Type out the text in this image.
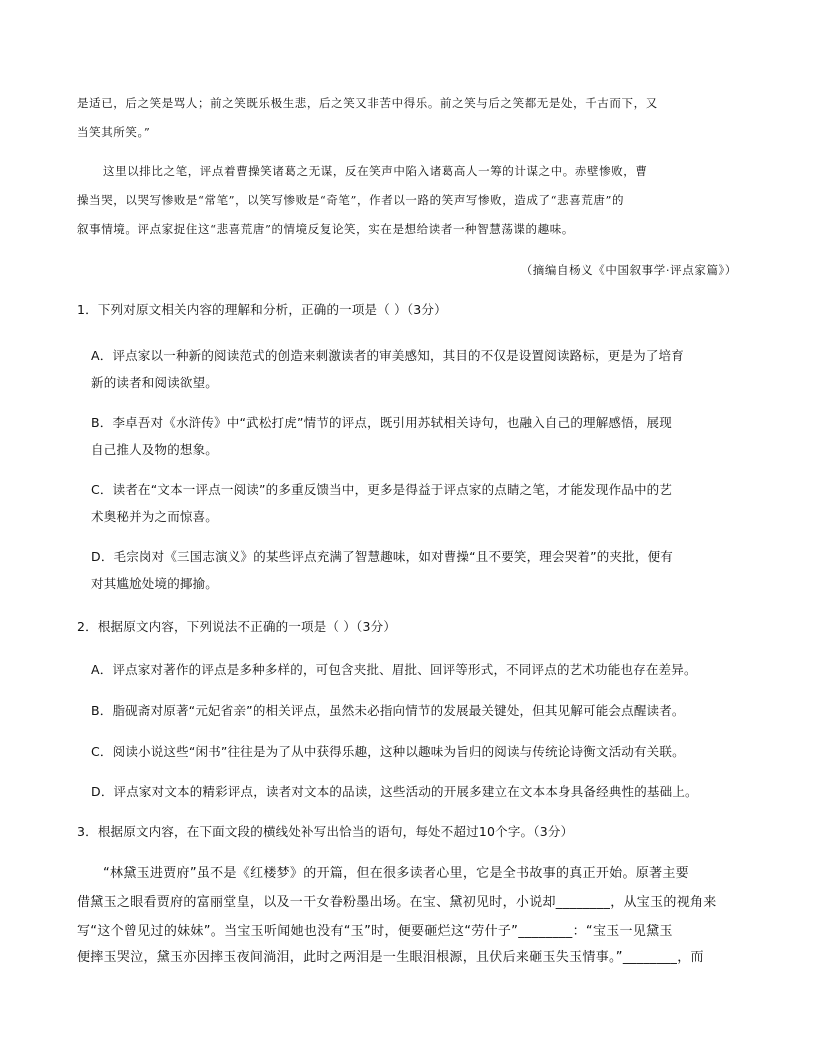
是适已，后之笑是骂人；前之笑既乐极生悲，后之笑又非苦中得乐。前之笑与后之笑都无是处，千古而下，又
当笑其所笑。”
这里以排比之笔，评点着曹操笑诸葛之无谋，反在笑声中陷入诸葛高人一筹的计谋之中。赤壁惨败，曹
操当哭，以哭写惨败是“常笔”，以笑写惨败是“奇笔”，作者以一路的笑声写惨败，造成了“悲喜荒唐”的
叙事情境。评点家捉住这“悲喜荒唐”的情境反复论笑，实在是想给读者一种智慧荡谍的趣味。
（摘编自杨义《中国叙事学·评点家篇》）
1．下列对原文相关内容的理解和分析，正确的一项是（ ）（3分）
A．评点家以一种新的阅读范式的创造来刺激读者的审美感知，其目的不仅是设置阅读路标，更是为了培育
新的读者和阅读欲望。
B．李卓吾对《水浒传》中“武松打虎”情节的评点，既引用苏轼相关诗句，也融入自己的理解感悟，展现
自己推人及物的想象。
C．读者在“文本一评点一阅读”的多重反馈当中，更多是得益于评点家的点睛之笔，才能发现作品中的艺
术奥秘并为之而惊喜。
D．毛宗岗对《三国志演义》的某些评点充满了智慧趣味，如对曹操“且不要笑，理会哭着”的夹批，便有
对其尴尬处境的揶揄。
2．根据原文内容，下列说法不正确的一项是（ ）（3分）
A．评点家对著作的评点是多种多样的，可包含夹批、眉批、回评等形式，不同评点的艺术功能也存在差异。
B．脂砚斋对原著“元妃省亲”的相关评点，虽然未必指向情节的发展最关键处，但其见解可能会点醒读者。
C．阅读小说这些“闲书”往往是为了从中获得乐趣，这种以趣味为旨归的阅读与传统论诗衡文活动有关联。
D．评点家对文本的精彩评点，读者对文本的品读，这些活动的开展多建立在文本本身具备经典性的基础上。
3．根据原文内容，在下面文段的横线处补写出恰当的语句，每处不超过10个字。（3分）
“林黛玉进贾府”虽不是《红楼梦》的开篇，但在很多读者心里，它是全书故事的真正开始。原著主要
借黛玉之眼看贾府的富丽堂皇，以及一干女眷粉墨出场。在宝、黛初见时，小说却________，从宝玉的视角来
写“这个曾见过的妹妹”。当宝玉听闻她也没有“玉”时，便要砸烂这“劳什子”________：“宝玉一见黛玉
便摔玉哭泣，黛玉亦因摔玉夜间淌泪，此时之两泪是一生眼泪根源，且伏后来砸玉失玉情事。”________，而
